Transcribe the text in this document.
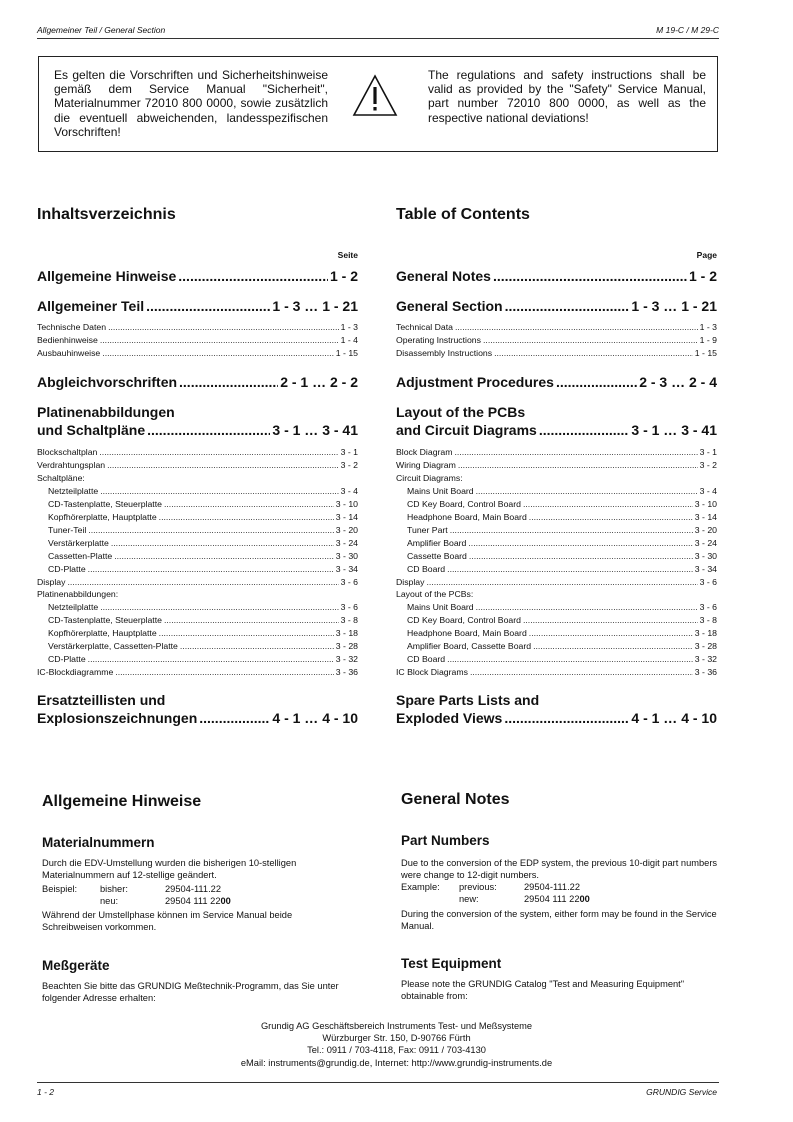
Allgemeiner Teil / General Section	M 19-C / M 29-C
Es gelten die Vorschriften und Sicherheitshinweise gemäß dem Service Manual "Sicherheit", Materialnummer 72010 800 0000, sowie zusätzlich die eventuell abweichenden, landesspezifischen Vorschriften!
The regulations and safety instructions shall be valid as provided by the "Safety" Service Manual, part number 72010 800 0000, as well as the respective national deviations!
Inhaltsverzeichnis	Table of Contents
Seite	Page
Allgemeine Hinweise .....	1 - 2
Allgemeiner Teil .....	1 - 3 … 1 - 21
Technische Daten .....	1 - 3
Bedienhinweise .....	1 - 4
Ausbauhinweise .....	1 - 15
Abgleichvorschriften .....	2 - 1 … 2 - 2
Platinenabbildungen
und Schaltpläne .....	3 - 1 … 3 - 41
Blockschaltplan .....	3 - 1
Verdrahtungsplan .....	3 - 2
Schaltpläne:
Netzteilplatte .....	3 - 4
CD-Tastenplatte, Steuerplatte .....	3 - 10
Kopfhörerplatte, Hauptplatte .....	3 - 14
Tuner-Teil .....	3 - 20
Verstärkerplatte .....	3 - 24
Cassetten-Platte .....	3 - 30
CD-Platte .....	3 - 34
Display .....	3 - 6
Platinenabbildungen:
Netzteilplatte .....	3 - 6
CD-Tastenplatte, Steuerplatte .....	3 - 8
Kopfhörerplatte, Hauptplatte .....	3 - 18
Verstärkerplatte, Cassetten-Platte .....	3 - 28
CD-Platte .....	3 - 32
IC-Blockdiagramme .....	3 - 36
Ersatzteillisten und
Explosionszeichnungen .....	4 - 1 … 4 - 10
General Notes .....	1 - 2
General Section .....	1 - 3 … 1 - 21
Technical Data .....	1 - 3
Operating Instructions .....	1 - 9
Disassembly Instructions .....	1 - 15
Adjustment Procedures .....	2 - 3 … 2 - 4
Layout of the PCBs
and Circuit Diagrams .....	3 - 1 … 3 - 41
Block Diagram .....	3 - 1
Wiring Diagram .....	3 - 2
Circuit Diagrams:
Mains Unit Board .....	3 - 4
CD Key Board, Control Board .....	3 - 10
Headphone Board, Main Board .....	3 - 14
Tuner Part .....	3 - 20
Amplifier Board .....	3 - 24
Cassette Board .....	3 - 30
CD Board .....	3 - 34
Display .....	3 - 6
Layout of the PCBs:
Mains Unit Board .....	3 - 6
CD Key Board, Control Board .....	3 - 8
Headphone Board, Main Board .....	3 - 18
Amplifier Board, Cassette Board .....	3 - 28
CD Board .....	3 - 32
IC Block Diagrams .....	3 - 36
Spare Parts Lists and
Exploded Views .....	4 - 1 … 4 - 10
Allgemeine Hinweise
Materialnummern
Durch die EDV-Umstellung wurden die bisherigen 10-stelligen Materialnummern auf 12-stellige geändert.
Beispiel: bisher:	29504-111.22
neu:	29504 111 2200
Während der Umstellphase können im Service Manual beide Schreibweisen vorkommen.
Meßgeräte
Beachten Sie bitte das GRUNDIG Meßtechnik-Programm, das Sie unter folgender Adresse erhalten:
General Notes
Part Numbers
Due to the conversion of the EDP system, the previous 10-digit part numbers were change to 12-digit numbers.
Example: previous:	29504-111.22
new:	29504 111 2200
During the conversion of the system, either form may be found in the Service Manual.
Test Equipment
Please note the GRUNDIG Catalog "Test and Measuring Equipment" obtainable from:
Grundig AG Geschäftsbereich Instruments Test- und Meßsysteme
Würzburger Str. 150, D-90766 Fürth
Tel.: 0911 / 703-4118, Fax: 0911 / 703-4130
eMail: instruments@grundig.de, Internet: http://www.grundig-instruments.de
1 - 2	GRUNDIG Service
